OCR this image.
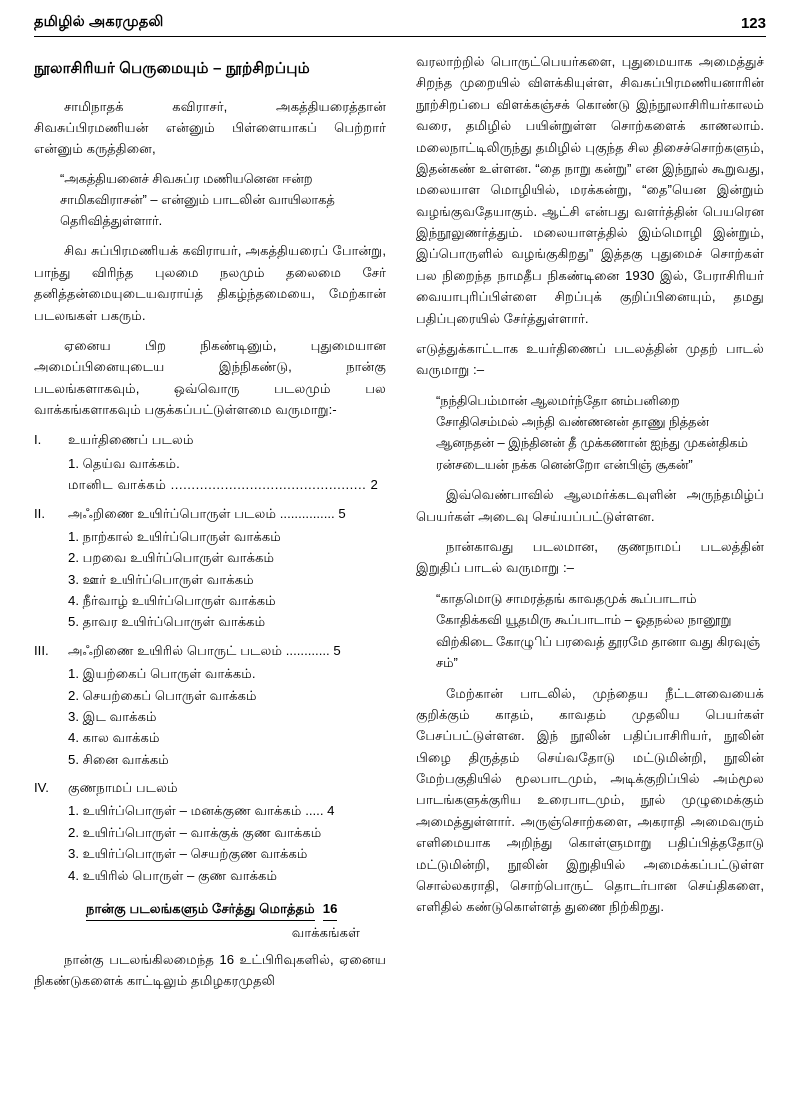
தமிழில் அகரமுதலி	123
நூலாசிரியர் பெருமையும் – நூற்சிறப்பும்

சாமிநாதக் கவிராசர், அகத்தியரைத்தான் சிவசுப்பிரமணியன் என்னும் பிள்ளையாகப் பெற்றார் என்னும் கருத்தினை,

“அகத்தியனைச் சிவசுப்ர மணியனென ஈன்ற சாமிகவிராசன்” – என்னும் பாடலின் வாயிலாகத் தெரிவித்துள்ளார்.

சிவ சுப்பிரமணியக் கவிராயர், அகத்தியரைப் போன்று, பாந்து விரிந்த புலமை நலமும் தலைமை சேர் தனித்தன்மையுடையவராய்த் திகழ்ந்தமையை, மேற்கான் படலஙகள் பகரும்.

ஏனைய பிற நிகண்டினும், புதுமையான அமைப்பினையுடைய இந்நிகண்டு, நான்கு படலங்களாகவும், ஒவ்வொரு படலமும் பல வாக்கங்களாகவும் பகுக்கப்பட்டுள்ளமை வருமாறு:-

I.	உயர்திணைப் படலம்
1. தெய்வ வாக்கம்.
மானிட வாக்கம் ............................................... 2
II.	அஃறிணை உயிர்ப்பொருள் படலம் ............... 5
1. நாற்கால் உயிர்ப்பொருள் வாக்கம்
2. பறவை உயிர்ப்பொருள் வாக்கம்
3. ஊர் உயிர்ப்பொருள் வாக்கம்
4. நீர்வாழ் உயிர்ப்பொருள் வாக்கம்
5. தாவர உயிர்ப்பொருள் வாக்கம்
III.	அஃறிணை உயிரில் பொருட் படலம் ............ 5
1. இயற்கைப் பொருள் வாக்கம்.
2. செயற்கைப் பொருள் வாக்கம்
3. இட வாக்கம்
4. கால வாக்கம்
5. சினை வாக்கம்
IV.	குணநாமப் படலம்
1. உயிர்ப்பொருள் – மனக்குண வாக்கம் ..... 4
2. உயிர்ப்பொருள் – வாக்குக் குண வாக்கம்
3. உயிர்ப்பொருள் – செயற்குண வாக்கம்
4. உயிரில் பொருள் – குண வாக்கம்
நான்கு படலங்களும் சேர்த்து மொத்தம் 16
வாக்கங்கள்

நான்கு படலங்கிலமைந்த 16 உட்பிரிவுகளில், ஏனைய நிகண்டுகளைக் காட்டிலும் தமிழகரமுதலி

வரலாற்றில் பொருட்பெயர்களை, புதுமையாக அமைத்துச் சிறந்த முறையில் விளக்கியுள்ள, சிவசுப்பிரமணியனாரின் நூற்சிறப்பை விளக்கஞ்சக் கொண்டு இந்நூலாசிரியர்காலம் வரை, தமிழில் பயின்றுள்ள சொற்களைக் காணலாம். மலைநாட்டிலிருந்து தமிழில் புகுந்த சில திசைச்சொற்களும், இதன்கண் உள்ளன. “தை நாறு கன்று” என இந்நூல் கூறுவது, மலையாள மொழியில், மரக்கன்று, “தை”யென இன்றும் வழங்குவதேயாகும். ஆட்சி என்பது வளர்த்தின் பெயரென இந்நூலுணர்த்தும். மலையாளத்தில் இம்மொழி இன்றும், இப்பொருளில் வழங்குகிறது” இத்தகு புதுமைச் சொற்கள் பல நிறைந்த நாமதீப நிகண்டினை 1930 இல், பேராசிரியர் வையாபுரிப்பிள்ளை சிறப்புக் குறிப்பினையும், தமது பதிப்புரையில் சேர்த்துள்ளார்.

எடுத்துக்காட்டாக உயர்திணைப் படலத்தின் முதற் பாடல் வருமாறு :–

“நந்திபெம்மான் ஆலமர்ந்தோ னம்பனிறை சோதிசெம்மல் அந்தி வண்ணனன் தாணு நித்தன் ஆனநதன் – இந்தினன் தீ முக்கணான் ஐந்து முகன்திகம் ரன்சடையன் நக்க னென்றோ என்பிஞ் சூகன்”

இவ்வெண்பாவில் ஆலமர்க்கடவுளின் அருந்தமிழ்ப் பெயர்கள் அடைவு செய்யப்பட்டுள்ளன.

நான்காவது படலமான, குணநாமப் படலத்தின் இறுதிப் பாடல் வருமாறு :–

“காதமொடு சாமரத்தங் காவதமுக் கூப்பாடாம் கோதிக்கவி யூதமிரு கூப்பாடாம் – ஓதநல்ல நானூறு விற்கிடை கோழுிப் பரவைத் தூரமே தானா வது கிரவுஞ் சம்”

மேற்கான் பாடலில், முந்தைய நீட்டளவையைக் குறிக்கும் காதம், காவதம் முதலிய பெயர்கள் பேசப்பட்டுள்ளன. இந் நூலின் பதிப்பாசிரியர், நூலின் பிழை திருத்தம் செய்வதோடு மட்டுமின்றி, நூலின் மேற்பகுதியில் மூலபாடமும், அடிக்குறிப்பில் அம்மூல பாடங்களுக்குரிய உரைபாடமும், நூல் முழுமைக்கும் அமைத்துள்ளார். அருஞ்சொற்களை, அகராதி அமைவரும் எளிமையாக அறிந்து கொள்ளுமாறு பதிப்பித்ததோடு மட்டுமின்றி, நூலின் இறுதியில் அமைக்கப்பட்டுள்ள சொல்லகராதி, சொற்பொருட் தொடர்பான செய்திகளை, எளிதில் கண்டுகொள்ளத் துணை நிற்கிறது.
